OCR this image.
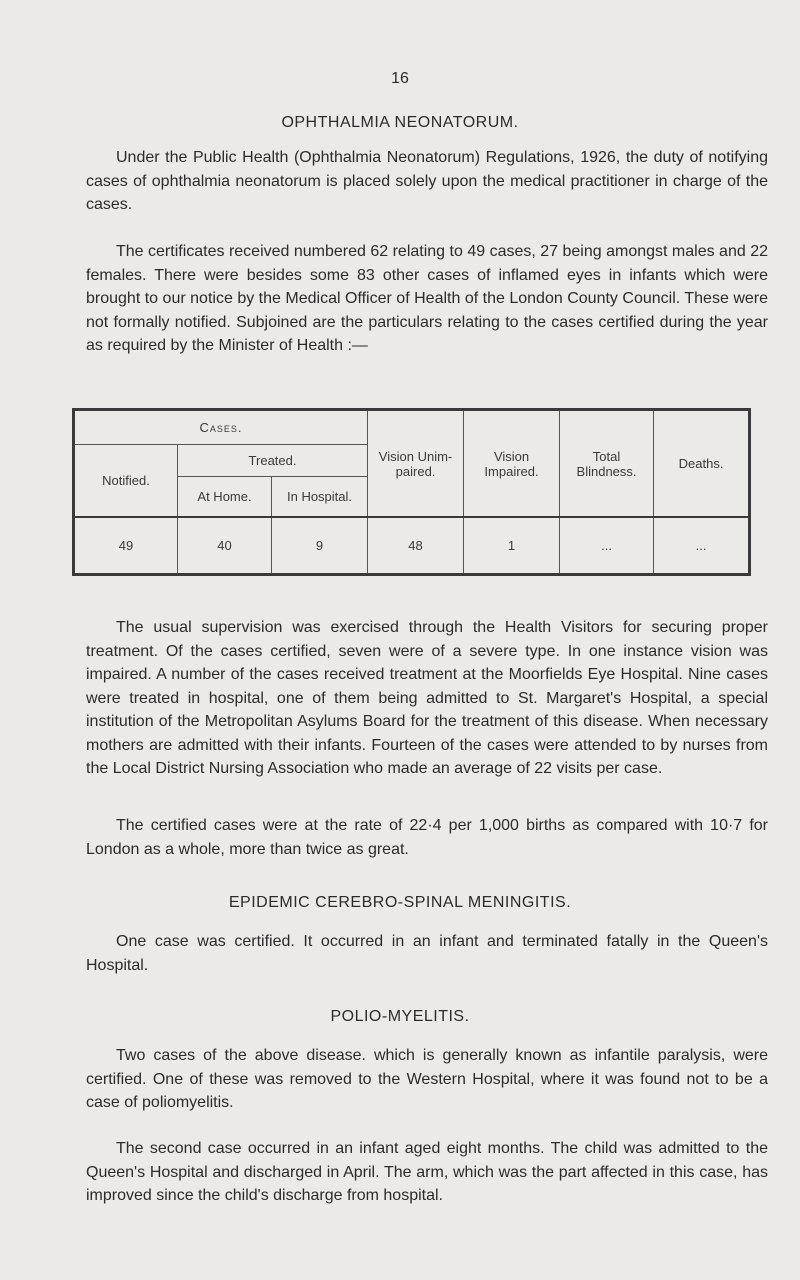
16
OPHTHALMIA NEONATORUM.
Under the Public Health (Ophthalmia Neonatorum) Regulations, 1926, the duty of notifying cases of ophthalmia neonatorum is placed solely upon the medical practitioner in charge of the cases.
The certificates received numbered 62 relating to 49 cases, 27 being amongst males and 22 females. There were besides some 83 other cases of inflamed eyes in infants which were brought to our notice by the Medical Officer of Health of the London County Council. These were not formally notified. Subjoined are the particulars relating to the cases certified during the year as required by the Minister of Health :—
Cases.			Vision Unim- paired.	Vision Impaired.	Total Blindness.	Deaths.
Notified.	Treated.					
	At Home.	In Hospital.				
49	40	9	48	1	...	...
The usual supervision was exercised through the Health Visitors for securing proper treatment. Of the cases certified, seven were of a severe type. In one instance vision was impaired. A number of the cases received treatment at the Moorfields Eye Hospital. Nine cases were treated in hospital, one of them being admitted to St. Margaret's Hospital, a special institution of the Metropolitan Asylums Board for the treatment of this disease. When necessary mothers are admitted with their infants. Fourteen of the cases were attended to by nurses from the Local District Nursing Association who made an average of 22 visits per case.
The certified cases were at the rate of 22·4 per 1,000 births as compared with 10·7 for London as a whole, more than twice as great.
EPIDEMIC CEREBRO-SPINAL MENINGITIS.
One case was certified. It occurred in an infant and terminated fatally in the Queen's Hospital.
POLIO-MYELITIS.
Two cases of the above disease. which is generally known as infantile paralysis, were certified. One of these was removed to the Western Hospital, where it was found not to be a case of poliomyelitis.
The second case occurred in an infant aged eight months. The child was admitted to the Queen's Hospital and discharged in April. The arm, which was the part affected in this case, has improved since the child's discharge from hospital.
